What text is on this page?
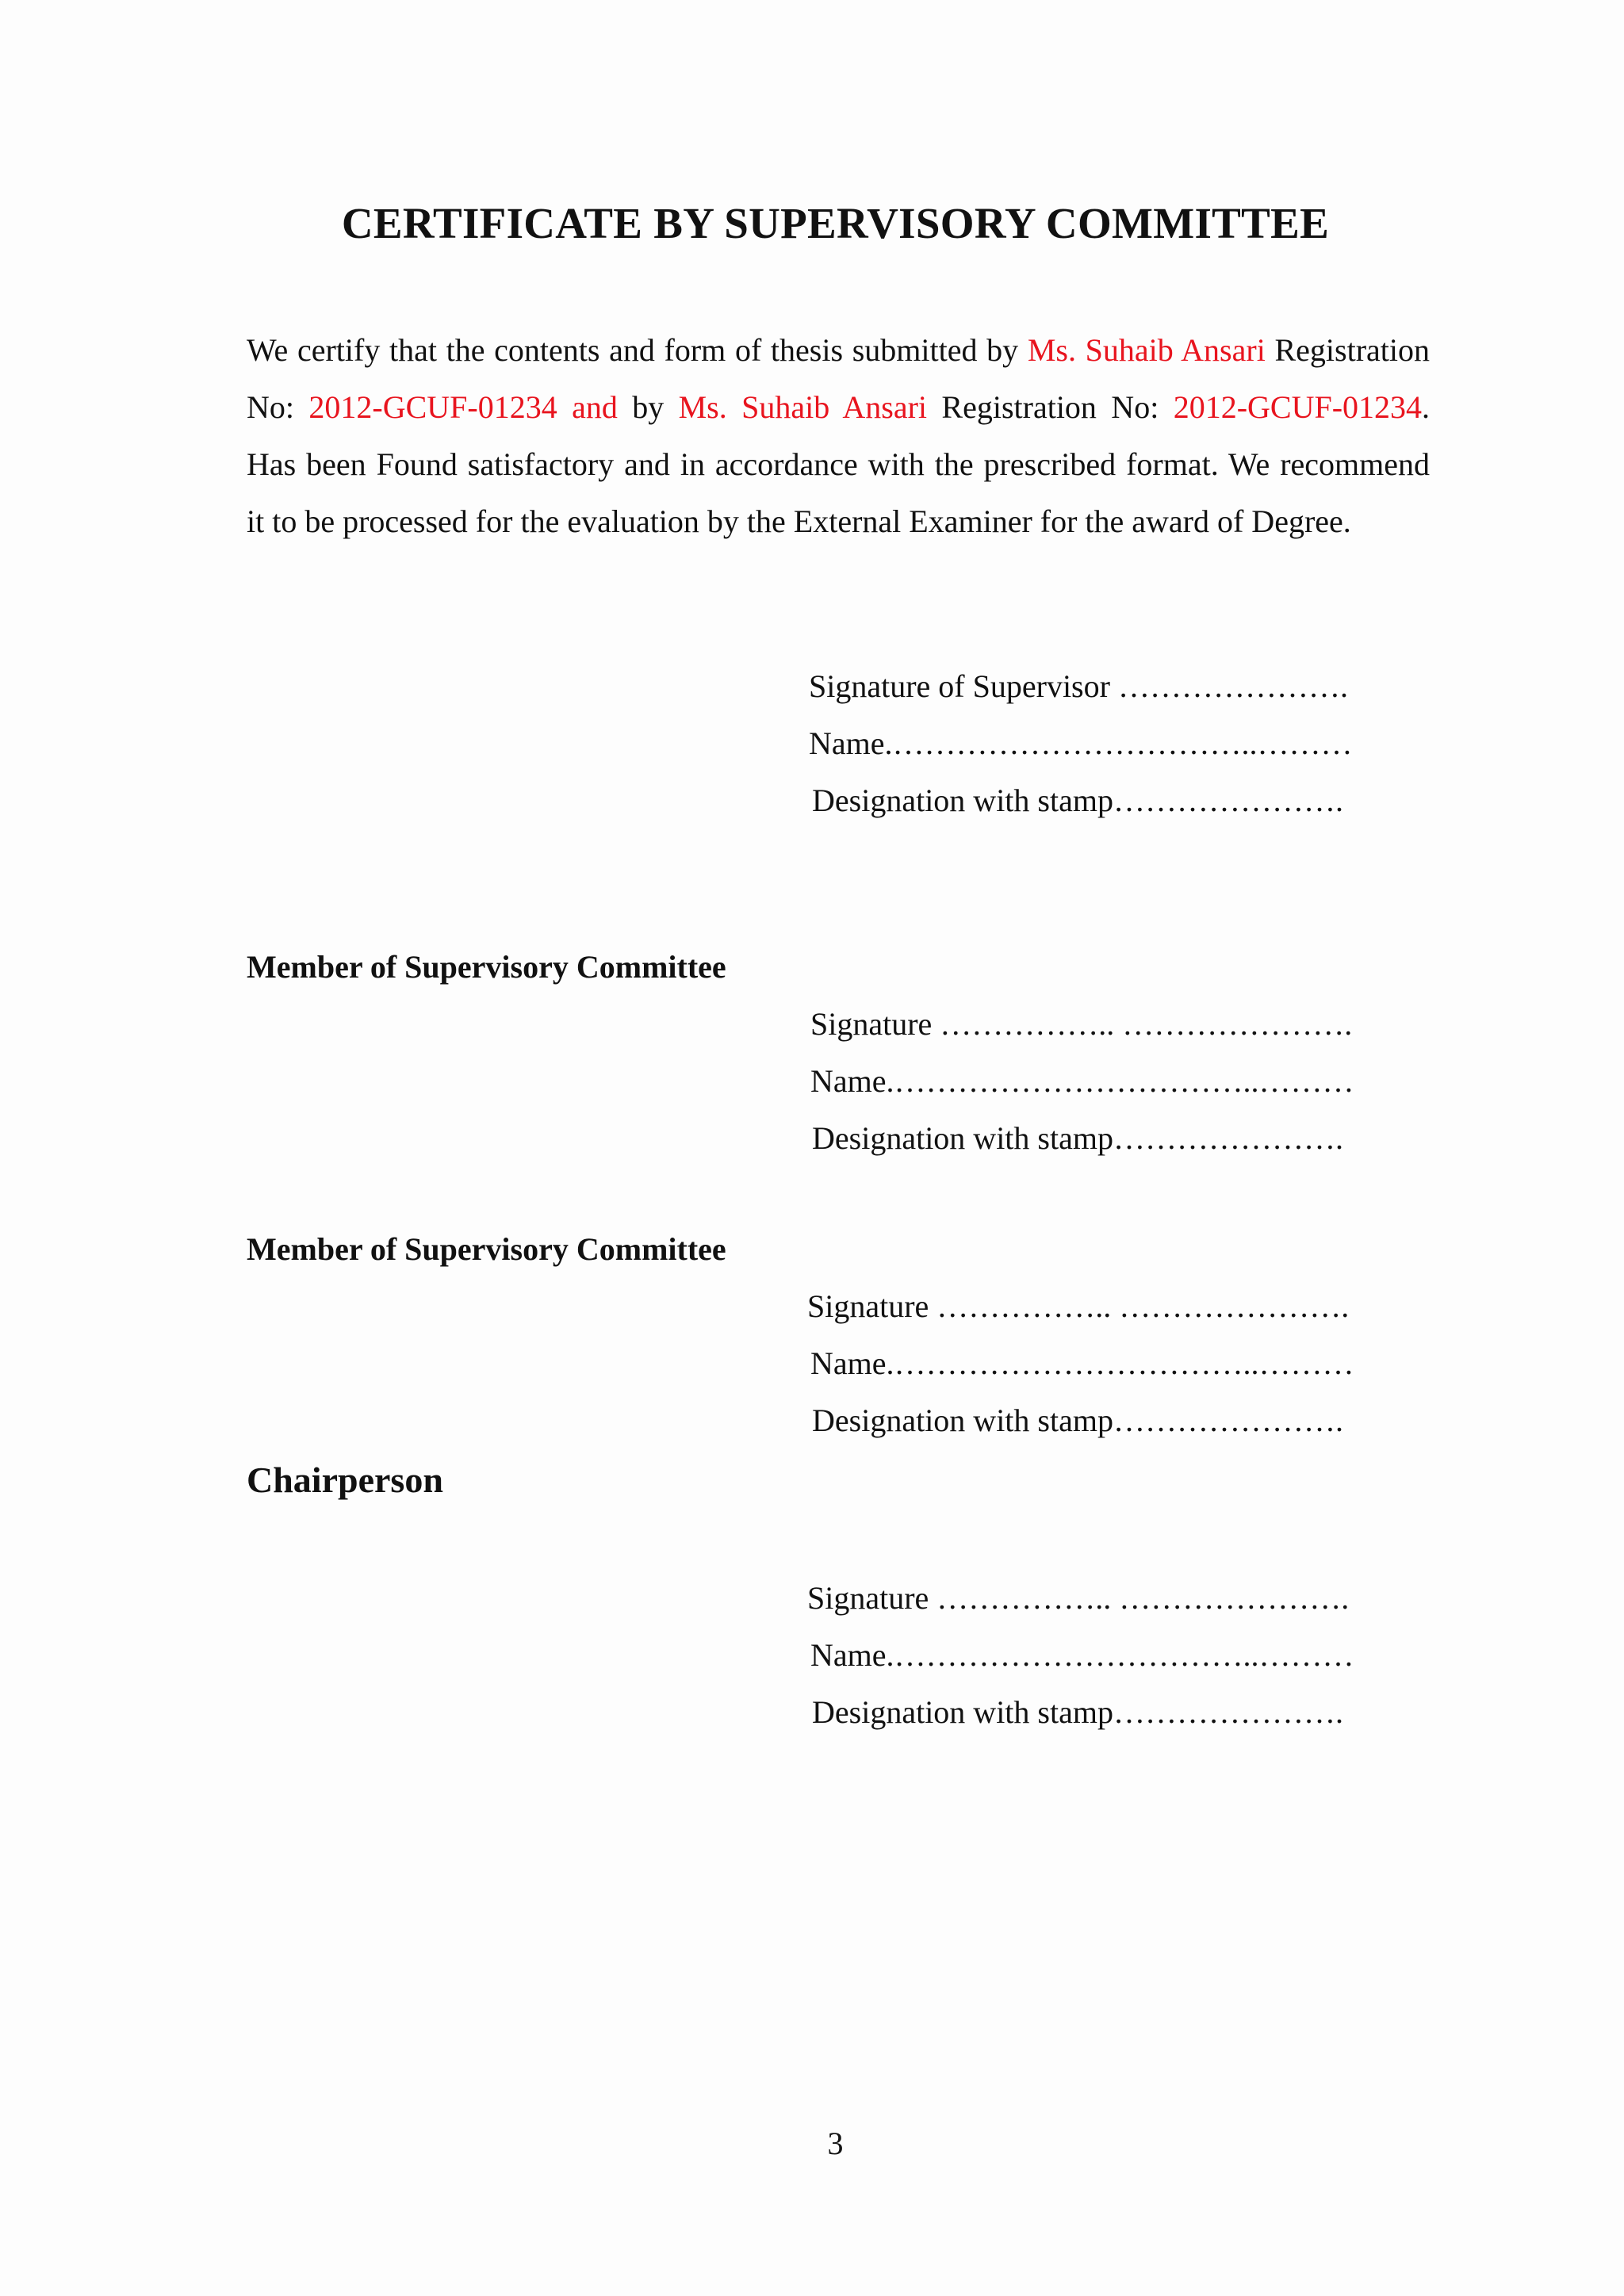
CERTIFICATE BY SUPERVISORY COMMITTEE
We certify that the contents and form of thesis submitted by Ms. Suhaib Ansari Registration
No: 2012-GCUF-01234 and by Ms. Suhaib Ansari Registration No: 2012-GCUF-01234.
Has been Found satisfactory and in accordance with the prescribed format. We recommend
it to be processed for the evaluation by the External Examiner for the award of Degree.
Signature of Supervisor ………………….
Name.……………………………..………
Designation with stamp………………….
Member of Supervisory Committee
Signature …………….. ………………….
Name.……………………………..………
Designation with stamp………………….
Member of Supervisory Committee
Signature …………….. ………………….
Name.……………………………..………
Designation with stamp………………….
Chairperson
Signature …………….. ………………….
Name.……………………………..………
Designation with stamp………………….
3
